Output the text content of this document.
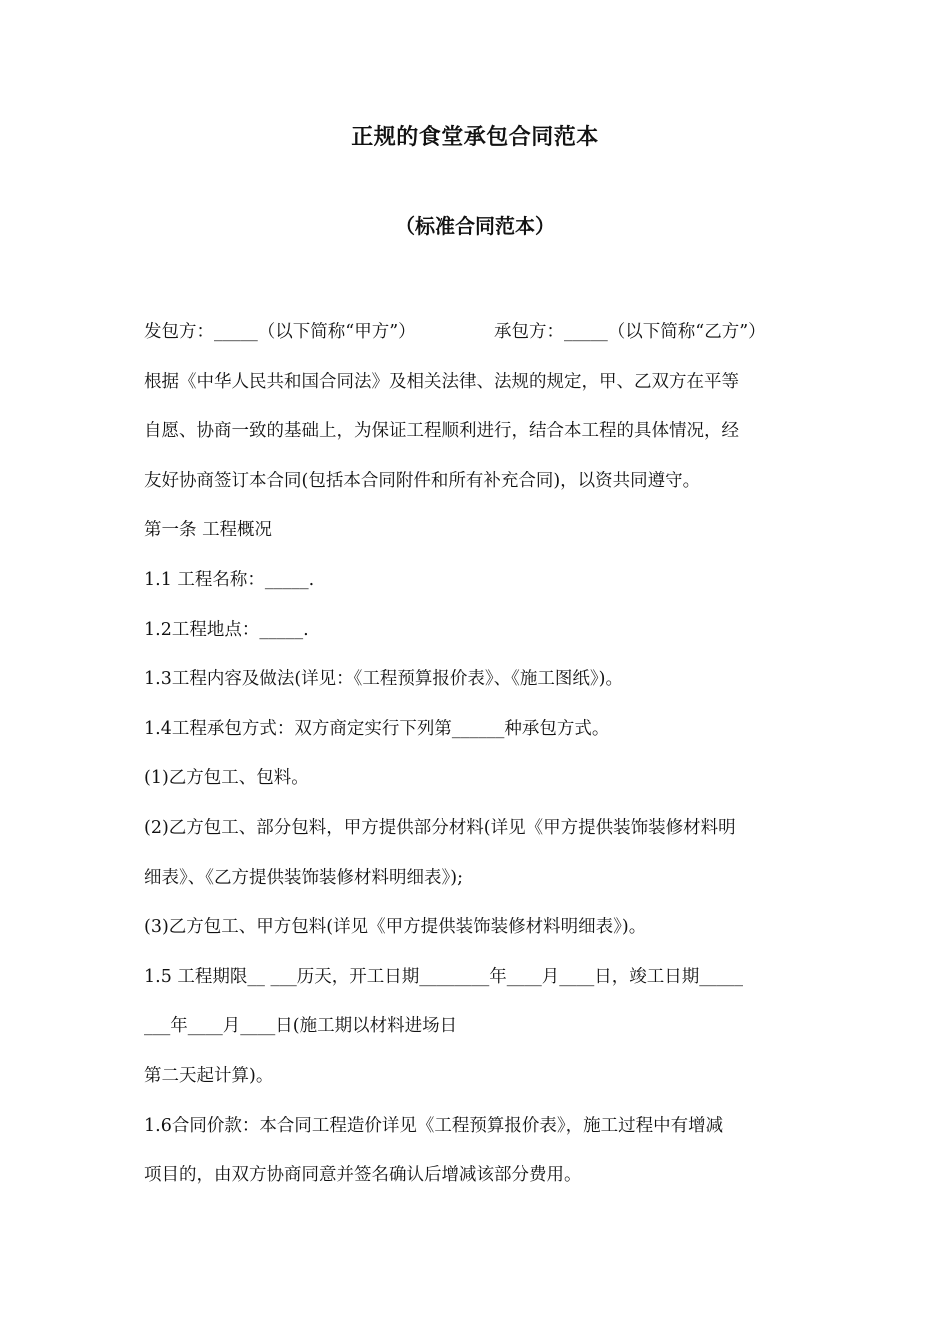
正规的食堂承包合同范本
（标准合同范本）
发包方：_____（以下简称“甲方”）	承包方：_____（以下简称“乙方”）
根据《中华人民共和国合同法》及相关法律、法规的规定，甲、乙双方在平等
自愿、协商一致的基础上，为保证工程顺利进行，结合本工程的具体情况，经
友好协商签订本合同(包括本合同附件和所有补充合同)，以资共同遵守。
第一条 工程概况
1.1 工程名称：_____.
1.2工程地点：_____.
1.3工程内容及做法(详见：《工程预算报价表》、《施工图纸》)。
1.4工程承包方式：双方商定实行下列第______种承包方式。
(1)乙方包工、包料。
(2)乙方包工、部分包料，甲方提供部分材料(详见《甲方提供装饰装修材料明
细表》、《乙方提供装饰装修材料明细表》);
(3)乙方包工、甲方包料(详见《甲方提供装饰装修材料明细表》)。
1.5 工程期限__ ___历天，开工日期________年____月____日，竣工日期_____
___年____月____日(施工期以材料进场日
第二天起计算)。
1.6合同价款：本合同工程造价详见《工程预算报价表》，施工过程中有增减
项目的，由双方协商同意并签名确认后增减该部分费用。
